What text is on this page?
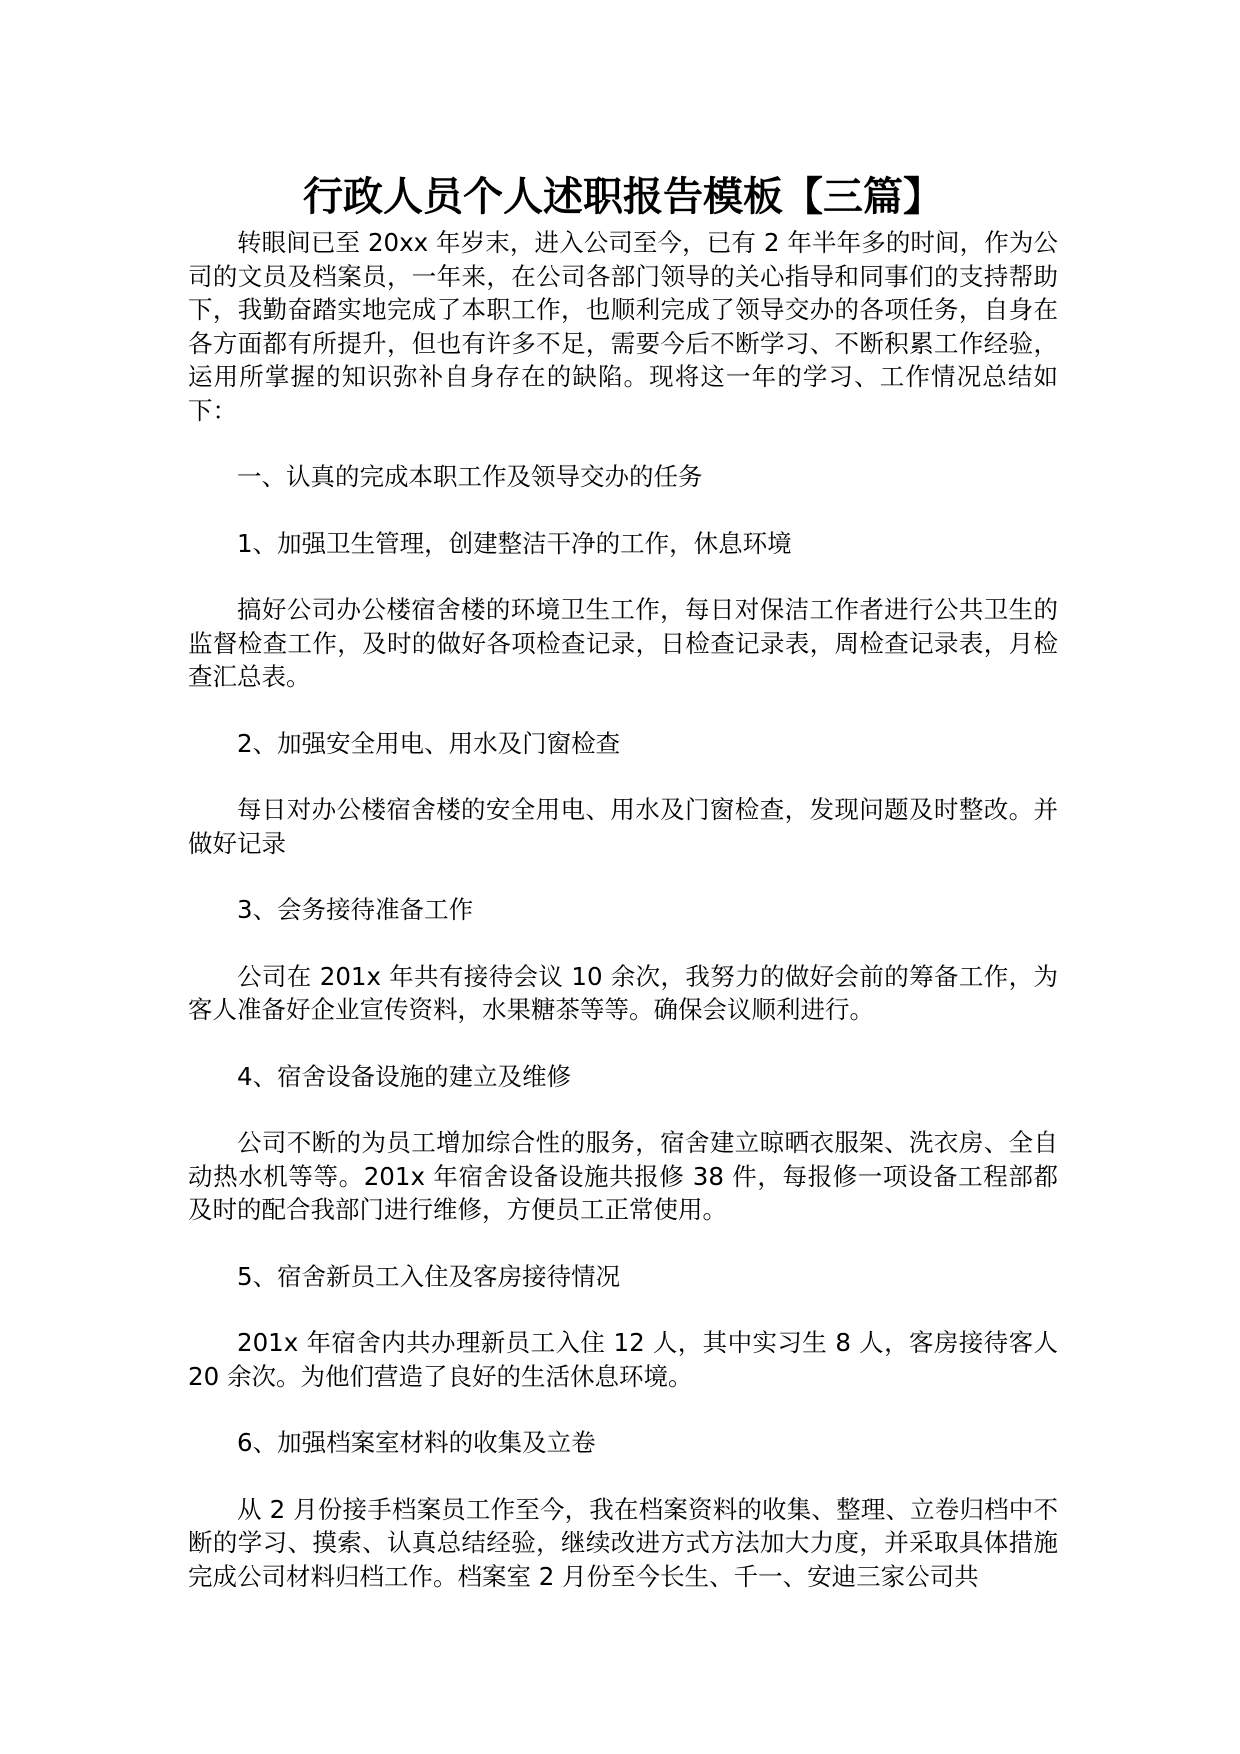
行政人员个人述职报告模板【三篇】

转眼间已至 20xx 年岁末，进入公司至今，已有 2 年半年多的时间，作为公司的文员及档案员，一年来，在公司各部门领导的关心指导和同事们的支持帮助下，我勤奋踏实地完成了本职工作，也顺利完成了领导交办的各项任务，自身在各方面都有所提升，但也有许多不足，需要今后不断学习、不断积累工作经验，运用所掌握的知识弥补自身存在的缺陷。现将这一年的学习、工作情况总结如下：

一、认真的完成本职工作及领导交办的任务

1、加强卫生管理，创建整洁干净的工作，休息环境

搞好公司办公楼宿舍楼的环境卫生工作，每日对保洁工作者进行公共卫生的监督检查工作，及时的做好各项检查记录，日检查记录表，周检查记录表，月检查汇总表。

2、加强安全用电、用水及门窗检查

每日对办公楼宿舍楼的安全用电、用水及门窗检查，发现问题及时整改。并做好记录

3、会务接待准备工作

公司在 201x 年共有接待会议 10 余次，我努力的做好会前的筹备工作，为客人准备好企业宣传资料，水果糖茶等等。确保会议顺利进行。

4、宿舍设备设施的建立及维修

公司不断的为员工增加综合性的服务，宿舍建立晾晒衣服架、洗衣房、全自动热水机等等。201x 年宿舍设备设施共报修 38 件，每报修一项设备工程部都及时的配合我部门进行维修，方便员工正常使用。

5、宿舍新员工入住及客房接待情况

201x 年宿舍内共办理新员工入住 12 人，其中实习生 8 人，客房接待客人 20 余次。为他们营造了良好的生活休息环境。

6、加强档案室材料的收集及立卷

从 2 月份接手档案员工作至今，我在档案资料的收集、整理、立卷归档中不断的学习、摸索、认真总结经验，继续改进方式方法加大力度，并采取具体措施完成公司材料归档工作。档案室 2 月份至今长生、千一、安迪三家公司共
